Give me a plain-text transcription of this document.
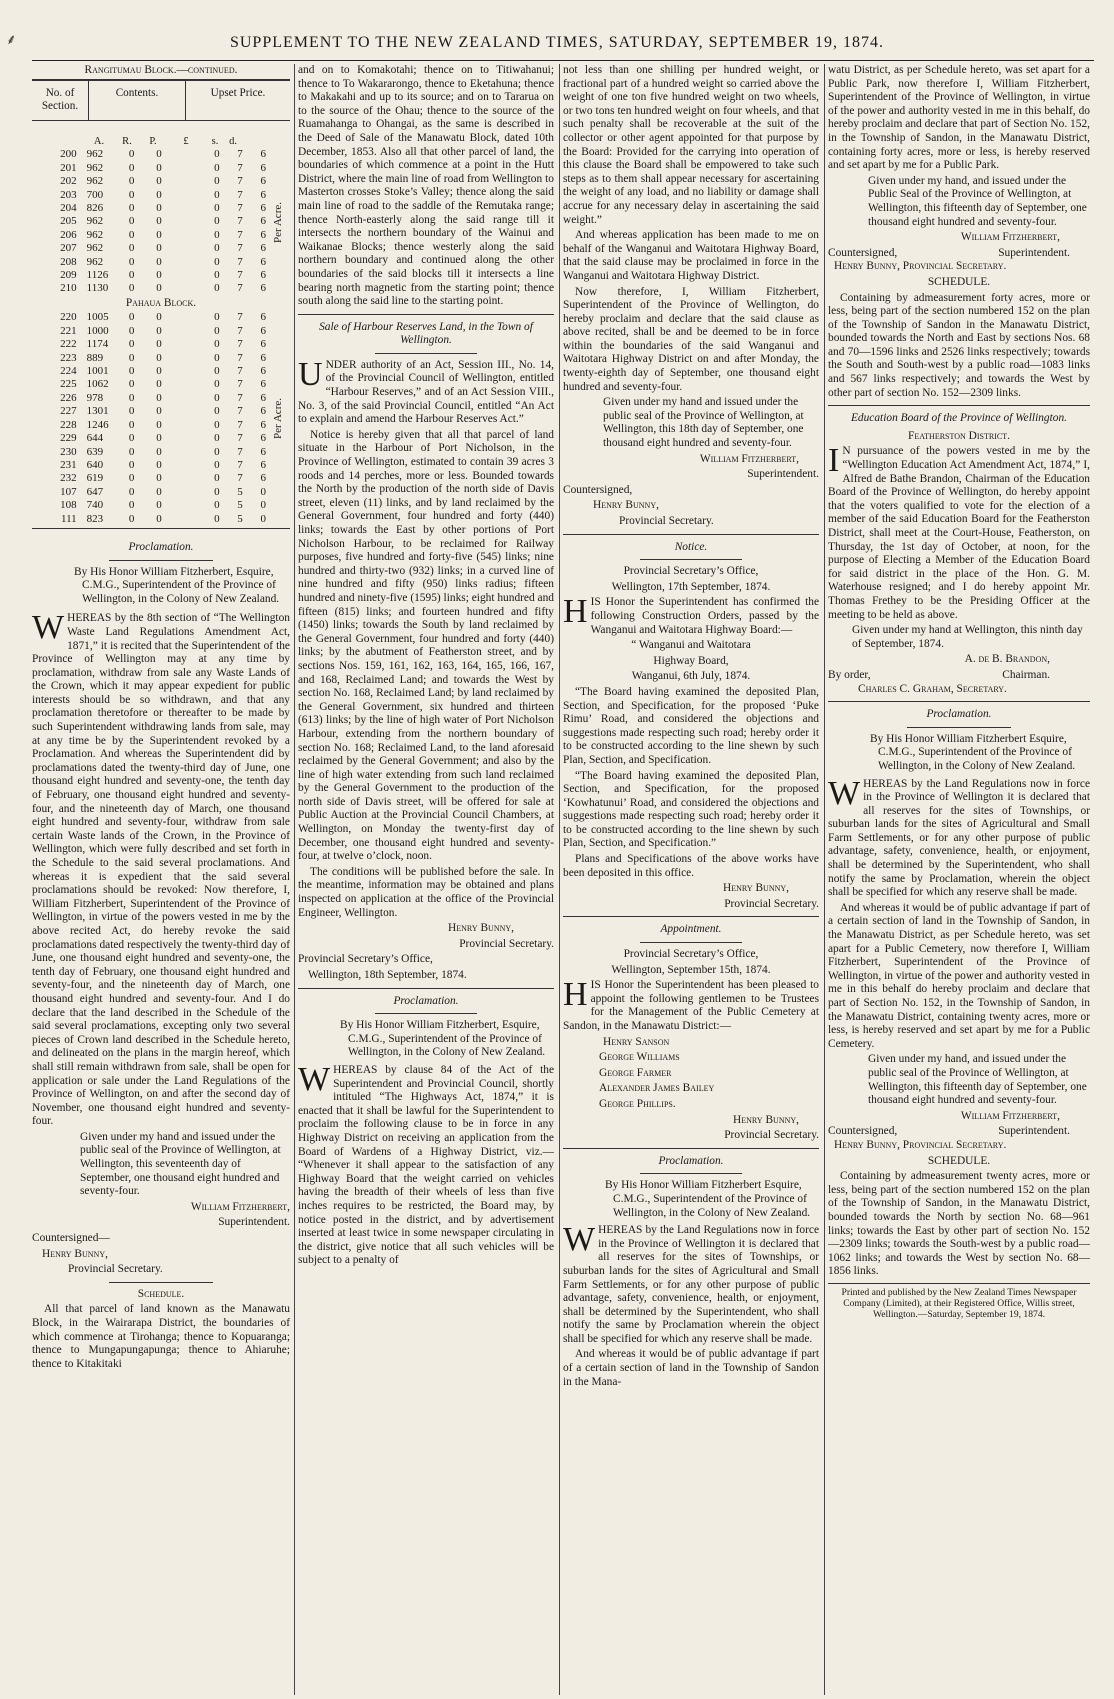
⸙	SUPPLEMENT TO THE NEW ZEALAND TIMES, SATURDAY, SEPTEMBER 19, 1874.
Rangitumau Block.—continued.
No. of Section.
Contents.	Upset Price.
A.	R.	P.	£	s.	d.
200	962	0	0	0	7	6
201	962	0	0	0	7	6
202	962	0	0	0	7	6
203	700	0	0	0	7	6
204	826	0	0	0	7	6
205	962	0	0	0	7	6
206	962	0	0	0	7	6
207	962	0	0	0	7	6
208	962	0	0	0	7	6
209	1126	0	0	0	7	6
210	1130	0	0	0	7	6
Per Acre.
Pahaua Block.
220	1005	0	0	0	7	6
221	1000	0	0	0	7	6
222	1174	0	0	0	7	6
223	889	0	0	0	7	6
224	1001	0	0	0	7	6
225	1062	0	0	0	7	6
226	978	0	0	0	7	6
227	1301	0	0	0	7	6
228	1246	0	0	0	7	6
229	644	0	0	0	7	6
230	639	0	0	0	7	6
231	640	0	0	0	7	6
232	619	0	0	0	7	6
107	647	0	0	0	5	0
108	740	0	0	0	5	0
111	823	0	0	0	5	0
Per Acre.
Proclamation.

By His Honor William Fitzherbert, Esquire, C.M.G., Superintendent of the Province of Wellington, in the Colony of New Zealand.

WHEREAS by the 8th section of “The Wellington Waste Land Regulations Amendment Act, 1871,” it is recited that the Superintendent of the Province of Wellington may at any time by proclamation, withdraw from sale any Waste Lands of the Crown, which it may appear expedient for public interests should be so withdrawn, and that any proclamation theretofore or thereafter to be made by such Superintendent withdrawing lands from sale, may at any time be by the Superintendent revoked by a Proclamation. And whereas the Superintendent did by proclamations dated the twenty-third day of June, one thousand eight hundred and seventy-one, the tenth day of February, one thousand eight hundred and seventy-four, and the nineteenth day of March, one thousand eight hundred and seventy-four, withdraw from sale certain Waste lands of the Crown, in the Province of Wellington, which were fully described and set forth in the Schedule to the said several proclamations. And whereas it is expedient that the said several proclamations should be revoked: Now therefore, I, William Fitzherbert, Superintendent of the Province of Wellington, in virtue of the powers vested in me by the above recited Act, do hereby revoke the said proclamations dated respectively the twenty-third day of June, one thousand eight hundred and seventy-one, the tenth day of February, one thousand eight hundred and seventy-four, and the nineteenth day of March, one thousand eight hundred and seventy-four. And I do declare that the land described in the Schedule of the said several proclamations, excepting only two several pieces of Crown land described in the Schedule hereto, and delineated on the plans in the margin hereof, which shall still remain withdrawn from sale, shall be open for application or sale under the Land Regulations of the Province of Wellington, on and after the second day of November, one thousand eight hundred and seventy-four.

Given under my hand and issued under the public seal of the Province of Wellington, at Wellington, this seventeenth day of September, one thousand eight hundred and seventy-four.

William Fitzherbert,

Superintendent.

Countersigned—

Henry Bunny,

Provincial Secretary.

Schedule.

All that parcel of land known as the Manawatu Block, in the Wairarapa District, the boundaries of which commence at Tirohanga; thence to Kopuaranga; thence to Mungapungapunga; thence to Ahiaruhe; thence to Kitakitaki

and on to Komakotahi; thence on to Titiwahanui; thence to To Wakararongo, thence to Eketahuna; thence to Makakahi and up to its source; and on to Tararua on to the source of the Ohau; thence to the source of the Ruamahanga to Ohangai, as the same is described in the Deed of Sale of the Manawatu Block, dated 10th December, 1853. Also all that other parcel of land, the boundaries of which commence at a point in the Hutt District, where the main line of road from Wellington to Masterton crosses Stoke’s Valley; thence along the said main line of road to the saddle of the Remutaka range; thence North-easterly along the said range till it intersects the northern boundary of the Wainui and Waikanae Blocks; thence westerly along the said northern boundary and continued along the other boundaries of the said blocks till it intersects a line bearing north magnetic from the starting point; thence south along the said line to the starting point.

Sale of Harbour Reserves Land, in the Town of Wellington.

UNDER authority of an Act, Session III., No. 14, of the Provincial Council of Wellington, entitled “Harbour Reserves,” and of an Act Session VIII., No. 3, of the said Provincial Council, entitled “An Act to explain and amend the Harbour Reserves Act.”

Notice is hereby given that all that parcel of land situate in the Harbour of Port Nicholson, in the Province of Wellington, estimated to contain 39 acres 3 roods and 14 perches, more or less. Bounded towards the North by the production of the north side of Davis street, eleven (11) links, and by land reclaimed by the General Government, four hundred and forty (440) links; towards the East by other portions of Port Nicholson Harbour, to be reclaimed for Railway purposes, five hundred and forty-five (545) links; nine hundred and thirty-two (932) links; in a curved line of nine hundred and fifty (950) links radius; fifteen hundred and ninety-five (1595) links; eight hundred and fifteen (815) links; and fourteen hundred and fifty (1450) links; towards the South by land reclaimed by the General Government, four hundred and forty (440) links; by the abutment of Featherston street, and by sections Nos. 159, 161, 162, 163, 164, 165, 166, 167, and 168, Reclaimed Land; and towards the West by section No. 168, Reclaimed Land; by land reclaimed by the General Government, six hundred and thirteen (613) links; by the line of high water of Port Nicholson Harbour, extending from the northern boundary of section No. 168; Reclaimed Land, to the land aforesaid reclaimed by the General Government; and also by the line of high water extending from such land reclaimed by the General Government to the production of the north side of Davis street, will be offered for sale at Public Auction at the Provincial Council Chambers, at Wellington, on Monday the twenty-first day of December, one thousand eight hundred and seventy-four, at twelve o’clock, noon.

The conditions will be published before the sale. In the meantime, information may be obtained and plans inspected on application at the office of the Provincial Engineer, Wellington.

Henry Bunny,

Provincial Secretary.

Provincial Secretary’s Office,

Wellington, 18th September, 1874.

Proclamation.

By His Honor William Fitzherbert, Esquire, C.M.G., Superintendent of the Province of Wellington, in the Colony of New Zealand.

WHEREAS by clause 84 of the Act of the Superintendent and Provincial Council, shortly intituled “The Highways Act, 1874,” it is enacted that it shall be lawful for the Superintendent to proclaim the following clause to be in force in any Highway District on receiving an application from the Board of Wardens of a Highway District, viz.— “Whenever it shall appear to the satisfaction of any Highway Board that the weight carried on vehicles having the breadth of their wheels of less than five inches requires to be restricted, the Board may, by notice posted in the district, and by advertisement inserted at least twice in some newspaper circulating in the district, give notice that all such vehicles will be subject to a penalty of

not less than one shilling per hundred weight, or fractional part of a hundred weight so carried above the weight of one ton five hundred weight on two wheels, or two tons ten hundred weight on four wheels, and that such penalty shall be recoverable at the suit of the collector or other agent appointed for that purpose by the Board: Provided for the carrying into operation of this clause the Board shall be empowered to take such steps as to them shall appear necessary for ascertaining the weight of any load, and no liability or damage shall accrue for any necessary delay in ascertaining the said weight.”

And whereas application has been made to me on behalf of the Wanganui and Waitotara Highway Board, that the said clause may be proclaimed in force in the Wanganui and Waitotara Highway District.

Now therefore, I, William Fitzherbert, Superintendent of the Province of Wellington, do hereby proclaim and declare that the said clause as above recited, shall be and be deemed to be in force within the boundaries of the said Wanganui and Waitotara Highway District on and after Monday, the twenty-eighth day of September, one thousand eight hundred and seventy-four.

Given under my hand and issued under the public seal of the Province of Wellington, at Wellington, this 18th day of September, one thousand eight hundred and seventy-four.

William Fitzherbert,

Superintendent.

Countersigned,

Henry Bunny,

Provincial Secretary.

Notice.

Provincial Secretary’s Office,

Wellington, 17th September, 1874.

HIS Honor the Superintendent has confirmed the following Construction Orders, passed by the Wanganui and Waitotara Highway Board:—

“ Wanganui and Waitotara

Highway Board,

Wanganui, 6th July, 1874.

“The Board having examined the deposited Plan, Section, and Specification, for the proposed ‘Puke Rimu’ Road, and considered the objections and suggestions made respecting such road; hereby order it to be constructed according to the line shewn by such Plan, Section, and Specification.

“The Board having examined the deposited Plan, Section, and Specification, for the proposed ‘Kowhatunui’ Road, and considered the objections and suggestions made respecting such road; hereby order it to be constructed according to the line shewn by such Plan, Section, and Specification.”

Plans and Specifications of the above works have been deposited in this office.

Henry Bunny,

Provincial Secretary.

Appointment.

Provincial Secretary’s Office,

Wellington, September 15th, 1874.

HIS Honor the Superintendent has been pleased to appoint the following gentlemen to be Trustees for the Management of the Public Cemetery at Sandon, in the Manawatu District:—

Henry Sanson

George Williams

George Farmer

Alexander James Bailey

George Phillips.

Henry Bunny,

Provincial Secretary.

Proclamation.

By His Honor William Fitzherbert Esquire, C.M.G., Superintendent of the Province of Wellington, in the Colony of New Zealand.

WHEREAS by the Land Regulations now in force in the Province of Wellington it is declared that all reserves for the sites of Townships, or suburban lands for the sites of Agricultural and Small Farm Settlements, or for any other purpose of public advantage, safety, convenience, health, or enjoyment, shall be determined by the Superintendent, who shall notify the same by Proclamation wherein the object shall be specified for which any reserve shall be made.

And whereas it would be of public advantage if part of a certain section of land in the Township of Sandon in the Mana-

watu District, as per Schedule hereto, was set apart for a Public Park, now therefore I, William Fitzherbert, Superintendent of the Province of Wellington, in virtue of the power and authority vested in me in this behalf, do hereby proclaim and declare that part of Section No. 152, in the Township of Sandon, in the Manawatu District, containing forty acres, more or less, is hereby reserved and set apart by me for a Public Park.

Given under my hand, and issued under the Public Seal of the Province of Wellington, at Wellington, this fifteenth day of September, one thousand eight hundred and seventy-four.

William Fitzherbert,

Countersigned,	Superintendent.

Henry Bunny, Provincial Secretary.

SCHEDULE.

Containing by admeasurement forty acres, more or less, being part of the section numbered 152 on the plan of the Township of Sandon in the Manawatu District, bounded towards the North and East by sections Nos. 68 and 70—1596 links and 2526 links respectively; towards the South and South-west by a public road—1083 links and 567 links respectively; and towards the West by other part of section No. 152—2309 links.

Education Board of the Province of Wellington.

Featherston District.

I N pursuance of the powers vested in me by the “Wellington Education Act Amendment Act, 1874,” I, Alfred de Bathe Brandon, Chairman of the Education Board of the Province of Wellington, do hereby appoint that the voters qualified to vote for the election of a member of the said Education Board for the Featherston District, shall meet at the Court-House, Featherston, on Thursday, the 1st day of October, at noon, for the purpose of Electing a Member of the Education Board for said district in the place of the Hon. G. M. Waterhouse resigned; and I do hereby appoint Mr. Thomas Frethey to be the Presiding Officer at the meeting to be held as above.

Given under my hand at Wellington, this ninth day of September, 1874.

A. de B. Brandon,

By order,	Chairman.

Charles C. Graham, Secretary.

Proclamation.

By His Honor William Fitzherbert Esquire, C.M.G., Superintendent of the Province of Wellington, in the Colony of New Zealand.

WHEREAS by the Land Regulations now in force in the Province of Wellington it is declared that all reserves for the sites of Townships, or suburban lands for the sites of Agricultural and Small Farm Settlements, or for any other purpose of public advantage, safety, convenience, health, or enjoyment, shall be determined by the Superintendent, who shall notify the same by Proclamation, wherein the object shall be specified for which any reserve shall be made.

And whereas it would be of public advantage if part of a certain section of land in the Township of Sandon, in the Manawatu District, as per Schedule hereto, was set apart for a Public Cemetery, now therefore I, William Fitzherbert, Superintendent of the Province of Wellington, in virtue of the power and authority vested in me in this behalf do hereby proclaim and declare that part of Section No. 152, in the Township of Sandon, in the Manawatu District, containing twenty acres, more or less, is hereby reserved and set apart by me for a Public Cemetery.

Given under my hand, and issued under the public seal of the Province of Wellington, at Wellington, this fifteenth day of September, one thousand eight hundred and seventy-four.

William Fitzherbert,

Countersigned,	Superintendent.

Henry Bunny, Provincial Secretary.

SCHEDULE.

Containing by admeasurement twenty acres, more or less, being part of the section numbered 152 on the plan of the Township of Sandon, in the Manawatu District, bounded towards the North by section No. 68—961 links; towards the East by other part of section No. 152—2309 links; towards the South-west by a public road—1062 links; and towards the West by section No. 68—1856 links.

Printed and published by the New Zealand Times Newspaper Company (Limited), at their Registered Office, Willis street, Wellington.—Saturday, September 19, 1874.
